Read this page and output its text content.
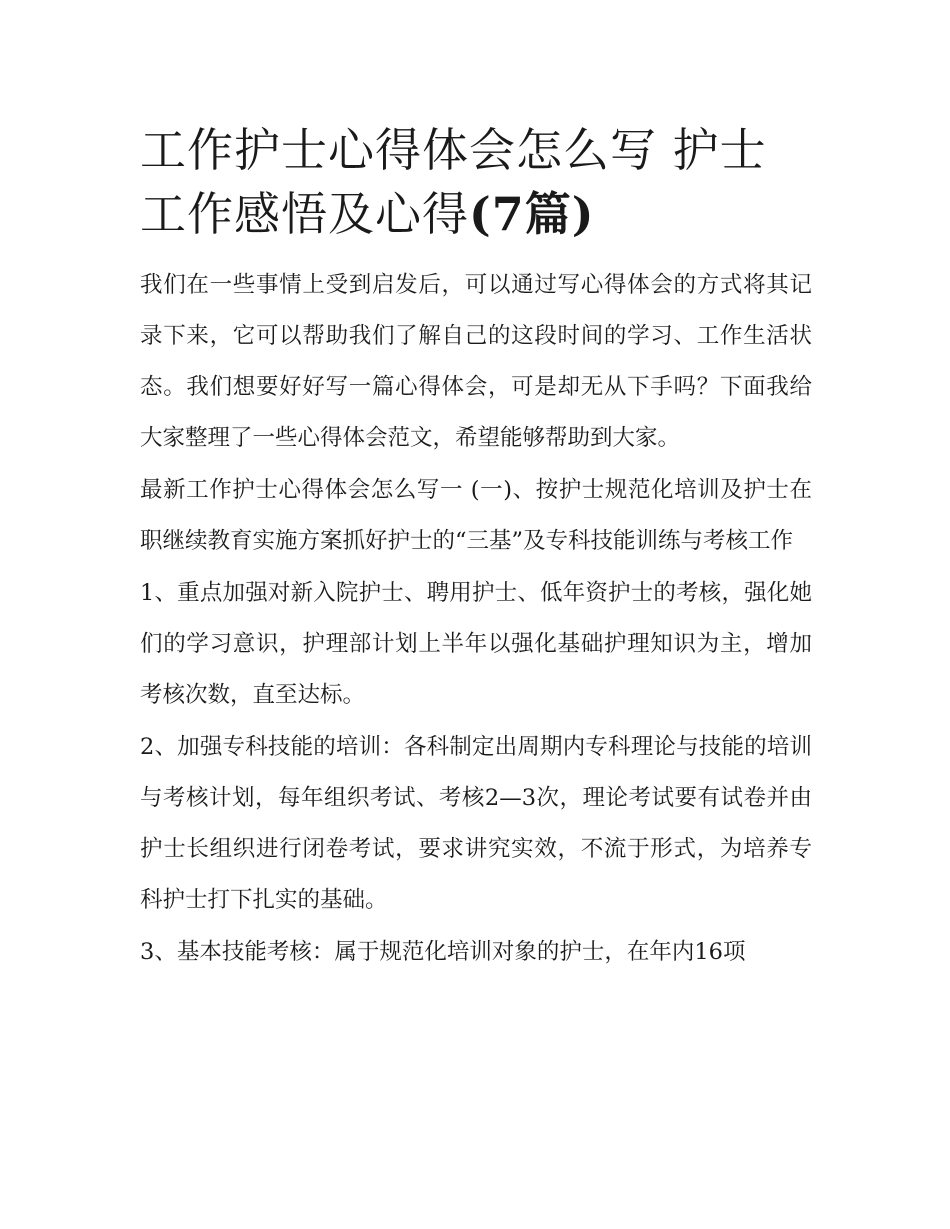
工作护士心得体会怎么写 护士工作感悟及心得(7篇)

我们在一些事情上受到启发后，可以通过写心得体会的方式将其记录下来，它可以帮助我们了解自己的这段时间的学习、工作生活状态。我们想要好好写一篇心得体会，可是却无从下手吗？下面我给大家整理了一些心得体会范文，希望能够帮助到大家。

最新工作护士心得体会怎么写一 (一)、按护士规范化培训及护士在职继续教育实施方案抓好护士的“三基”及专科技能训练与考核工作

1、重点加强对新入院护士、聘用护士、低年资护士的考核，强化她们的学习意识，护理部计划上半年以强化基础护理知识为主，增加考核次数，直至达标。

2、加强专科技能的培训：各科制定出周期内专科理论与技能的培训与考核计划，每年组织考试、考核2—3次，理论考试要有试卷并由护士长组织进行闭卷考试，要求讲究实效，不流于形式，为培养专科护士打下扎实的基础。

3、基本技能考核：属于规范化培训对象的护士，在年内16项
